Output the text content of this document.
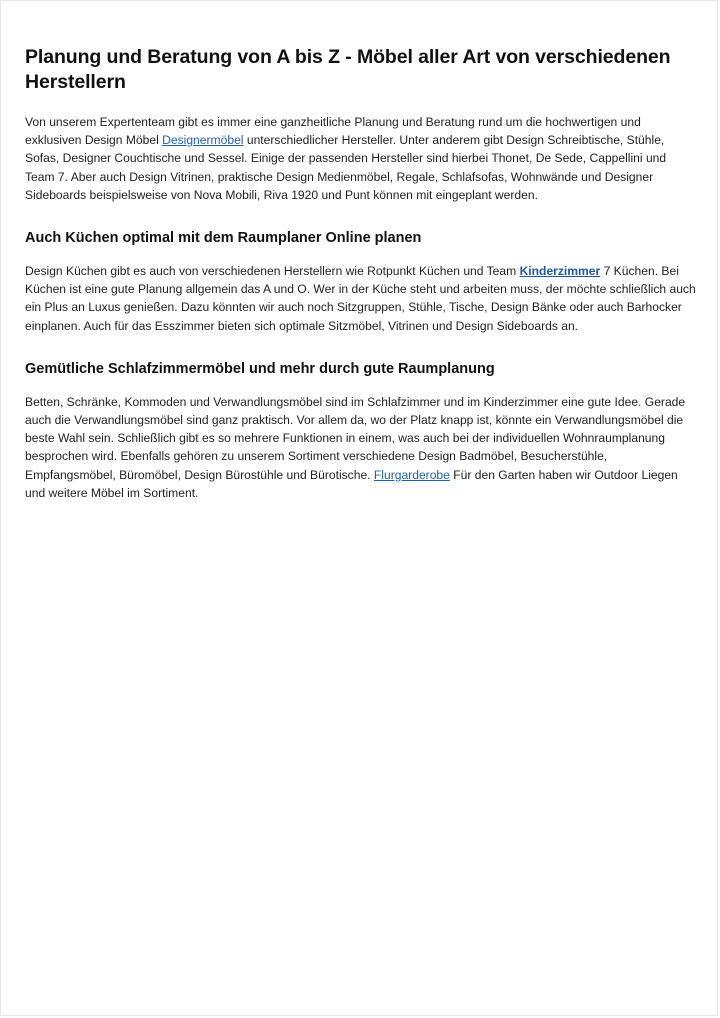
Planung und Beratung von A bis Z - Möbel aller Art von verschiedenen Herstellern

Von unserem Expertenteam gibt es immer eine ganzheitliche Planung und Beratung rund um die hochwertigen und exklusiven Design Möbel Designermöbel unterschiedlicher Hersteller. Unter anderem gibt Design Schreibtische, Stühle, Sofas, Designer Couchtische und Sessel. Einige der passenden Hersteller sind hierbei Thonet, De Sede, Cappellini und Team 7. Aber auch Design Vitrinen, praktische Design Medienmöbel, Regale, Schlafsofas, Wohnwände und Designer Sideboards beispielsweise von Nova Mobili, Riva 1920 und Punt können mit eingeplant werden.

Auch Küchen optimal mit dem Raumplaner Online planen

Design Küchen gibt es auch von verschiedenen Herstellern wie Rotpunkt Küchen und Team Kinderzimmer 7 Küchen. Bei Küchen ist eine gute Planung allgemein das A und O. Wer in der Küche steht und arbeiten muss, der möchte schließlich auch ein Plus an Luxus genießen. Dazu könnten wir auch noch Sitzgruppen, Stühle, Tische, Design Bänke oder auch Barhocker einplanen. Auch für das Esszimmer bieten sich optimale Sitzmöbel, Vitrinen und Design Sideboards an.

Gemütliche Schlafzimmermöbel und mehr durch gute Raumplanung

Betten, Schränke, Kommoden und Verwandlungsmöbel sind im Schlafzimmer und im Kinderzimmer eine gute Idee. Gerade auch die Verwandlungsmöbel sind ganz praktisch. Vor allem da, wo der Platz knapp ist, könnte ein Verwandlungsmöbel die beste Wahl sein. Schließlich gibt es so mehrere Funktionen in einem, was auch bei der individuellen Wohnraumplanung besprochen wird. Ebenfalls gehören zu unserem Sortiment verschiedene Design Badmöbel, Besucherstühle, Empfangsmöbel, Büromöbel, Design Bürostühle und Bürotische. Flurgarderobe Für den Garten haben wir Outdoor Liegen und weitere Möbel im Sortiment.
